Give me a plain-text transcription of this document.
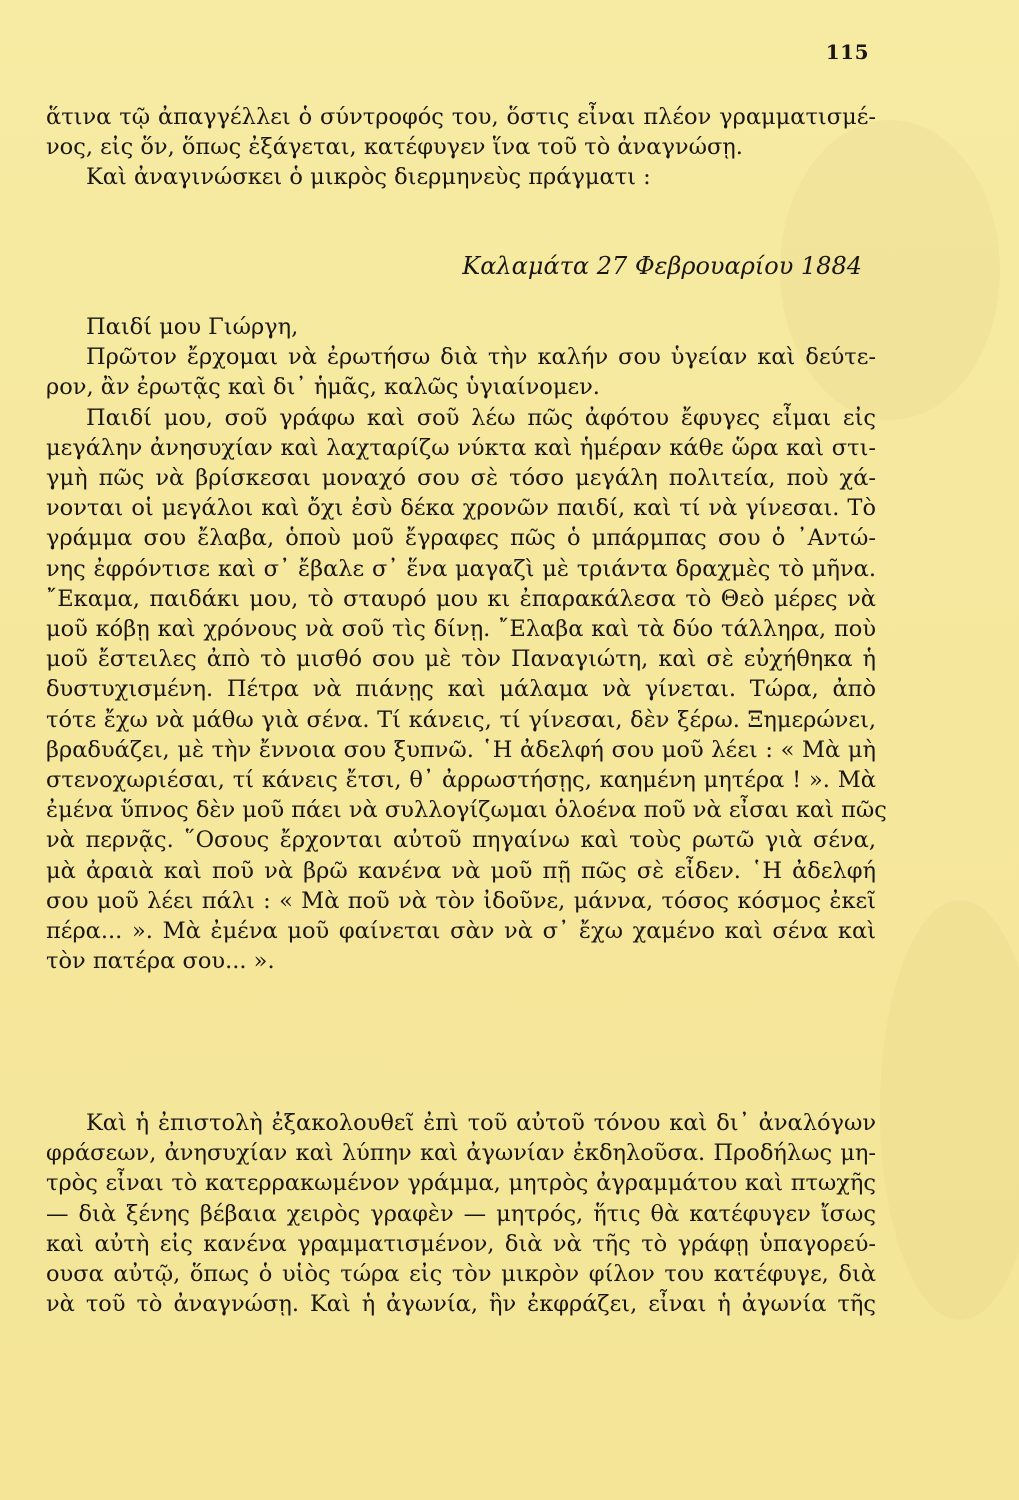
115
ἅτινα τῷ ἀπαγγέλλει ὁ σύντροφός του, ὅστις εἶναι πλέον γραμματισμέ-
νος, εἰς ὅν, ὅπως ἐξάγεται, κατέφυγεν ἵνα τοῦ τὸ ἀναγνώσῃ.
Καὶ ἀναγινώσκει ὁ μικρὸς διερμηνεὺς πράγματι :
Καλαμάτα 27 Φεβρουαρίου 1884
Παιδί μου Γιώργη,
Πρῶτον ἔρχομαι νὰ ἐρωτήσω διὰ τὴν καλήν σου ὑγείαν καὶ δεύτε-
ρον, ἂν ἐρωτᾷς καὶ δι᾿ ἡμᾶς, καλῶς ὑγιαίνομεν.
Παιδί μου, σοῦ γράφω καὶ σοῦ λέω πῶς ἀφότου ἔφυγες εἶμαι εἰς
μεγάλην ἀνησυχίαν καὶ λαχταρίζω νύκτα καὶ ἡμέραν κάθε ὥρα καὶ στι-
γμὴ πῶς νὰ βρίσκεσαι μοναχό σου σὲ τόσο μεγάλη πολιτεία, ποὺ χά-
νονται οἱ μεγάλοι καὶ ὄχι ἐσὺ δέκα χρονῶν παιδί, καὶ τί νὰ γίνεσαι. Τὸ
γράμμα σου ἔλαβα, ὁποὺ μοῦ ἔγραφες πῶς ὁ μπάρμπας σου ὁ ᾿Αντώ-
νης ἐφρόντισε καὶ σ᾿ ἔβαλε σ᾿ ἕνα μαγαζὶ μὲ τριάντα δραχμὲς τὸ μῆνα.
῎Εκαμα, παιδάκι μου, τὸ σταυρό μου κι ἐπαρακάλεσα τὸ Θεὸ μέρες νὰ
μοῦ κόβῃ καὶ χρόνους νὰ σοῦ τὶς δίνῃ. ῎Ελαβα καὶ τὰ δύο τάλληρα, ποὺ
μοῦ ἔστειλες ἀπὸ τὸ μισθό σου μὲ τὸν Παναγιώτη, καὶ σὲ εὐχήθηκα ἡ
δυστυχισμένη. Πέτρα νὰ πιάνῃς καὶ μάλαμα νὰ γίνεται. Τώρα, ἀπὸ
τότε ἔχω νὰ μάθω γιὰ σένα. Τί κάνεις, τί γίνεσαι, δὲν ξέρω. Ξημερώνει,
βραδυάζει, μὲ τὴν ἔννοια σου ξυπνῶ. ῾Η ἀδελφή σου μοῦ λέει : « Μὰ μὴ
στενοχωριέσαι, τί κάνεις ἔτσι, θ᾿ ἀρρωστήσῃς, καημένη μητέρα ! ». Μὰ
ἐμένα ὕπνος δὲν μοῦ πάει νὰ συλλογίζωμαι ὁλοένα ποῦ νὰ εἶσαι καὶ πῶς
νὰ περνᾷς. ῞Οσους ἔρχονται αὐτοῦ πηγαίνω καὶ τοὺς ρωτῶ γιὰ σένα,
μὰ ἀραιὰ καὶ ποῦ νὰ βρῶ κανένα νὰ μοῦ πῇ πῶς σὲ εἶδεν. ῾Η ἀδελφή
σου μοῦ λέει πάλι : « Μὰ ποῦ νὰ τὸν ἰδοῦνε, μάννα, τόσος κόσμος ἐκεῖ
πέρα... ». Μὰ ἐμένα μοῦ φαίνεται σὰν νὰ σ᾿ ἔχω χαμένο καὶ σένα καὶ
τὸν πατέρα σου... ».
Καὶ ἡ ἐπιστολὴ ἐξακολουθεῖ ἐπὶ τοῦ αὐτοῦ τόνου καὶ δι᾿ ἀναλόγων
φράσεων, ἀνησυχίαν καὶ λύπην καὶ ἀγωνίαν ἐκδηλοῦσα. Προδήλως μη-
τρὸς εἶναι τὸ κατερρακωμένον γράμμα, μητρὸς ἀγραμμάτου καὶ πτωχῆς
— διὰ ξένης βέβαια χειρὸς γραφὲν — μητρός, ἥτις θὰ κατέφυγεν ἴσως
καὶ αὐτὴ εἰς κανένα γραμματισμένον, διὰ νὰ τῆς τὸ γράφῃ ὑπαγορεύ-
ουσα αὐτῷ, ὅπως ὁ υἱὸς τώρα εἰς τὸν μικρὸν φίλον του κατέφυγε, διὰ
νὰ τοῦ τὸ ἀναγνώσῃ. Καὶ ἡ ἀγωνία, ἣν ἐκφράζει, εἶναι ἡ ἀγωνία τῆς
